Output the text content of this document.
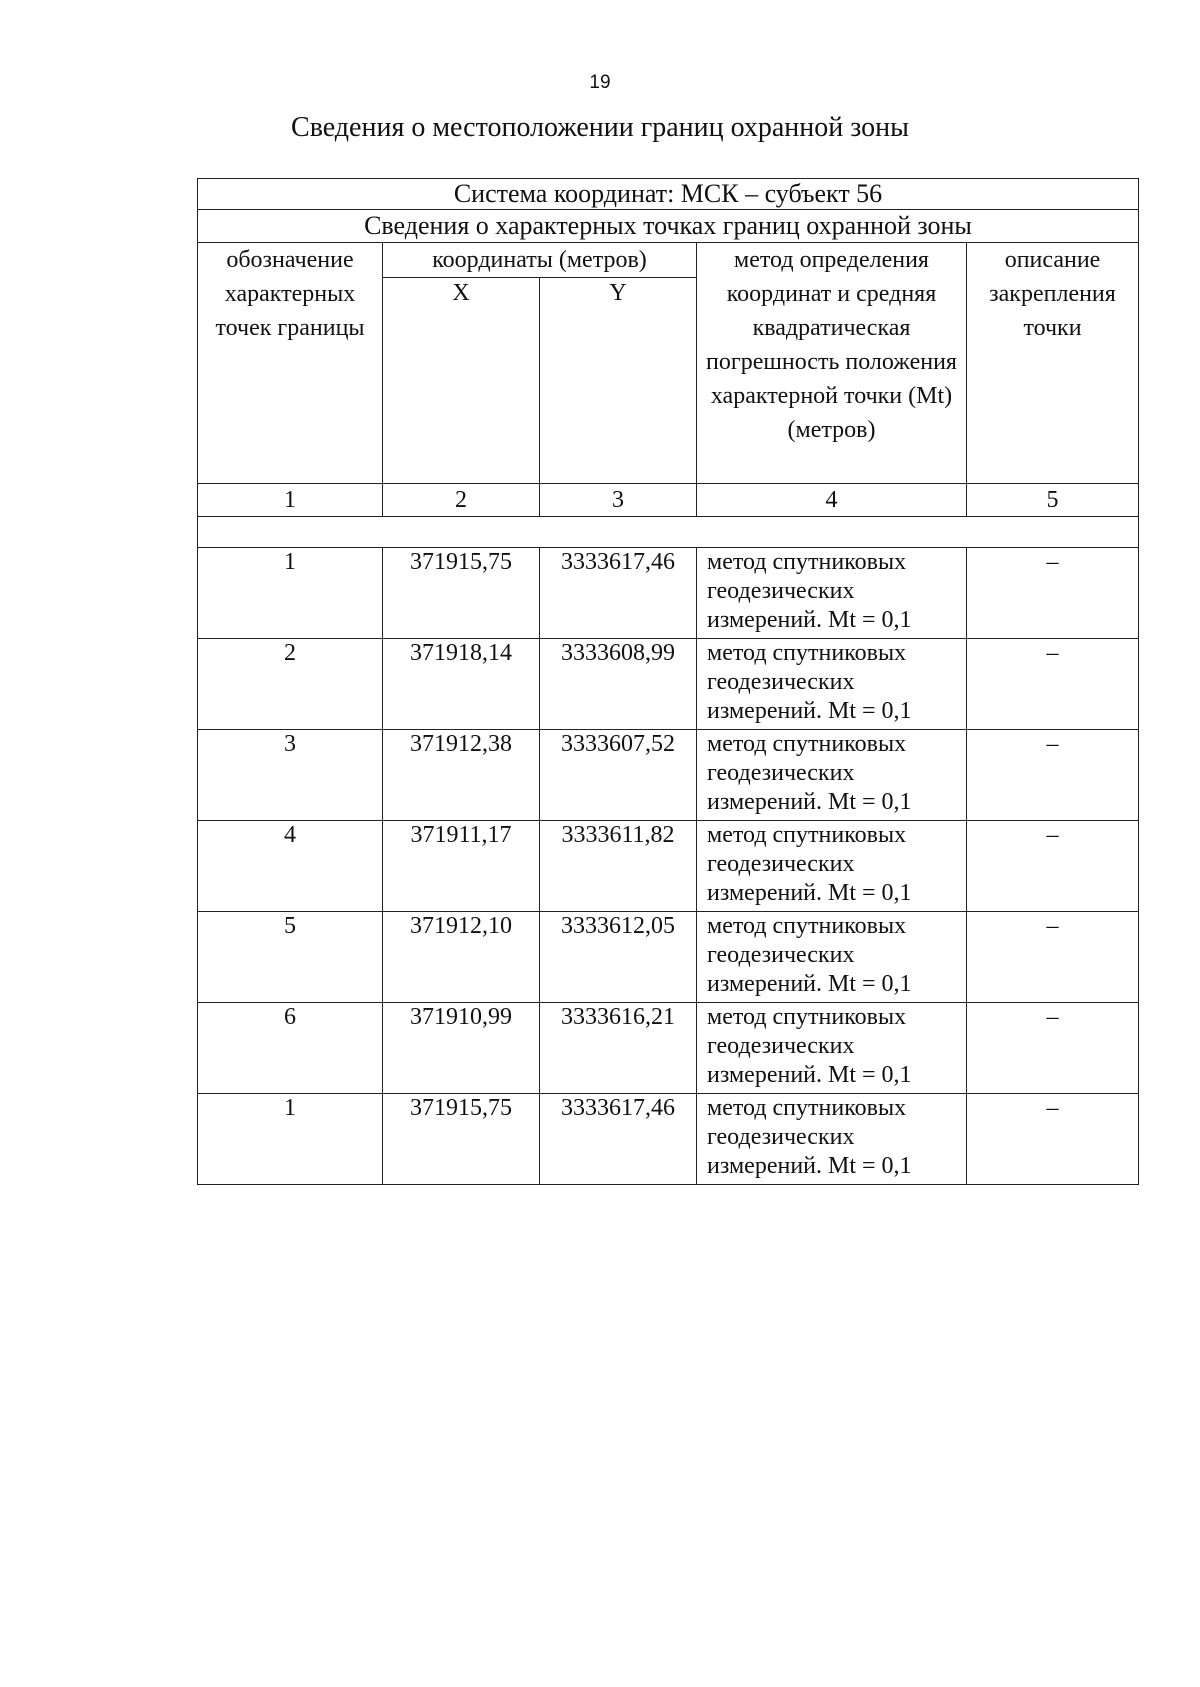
19
Сведения о местоположении границ охранной зоны
Система координат: МСК – субъект 56				
Сведения о характерных точках границ охранной зоны				
обозначение характерных точек границы	координаты (метров)		метод определения координат и средняя квадратическая погрешность положения характерной точки (Mt) (метров)	описание закрепления точки
	X	Y		
1	2	3	4	5

1	371915,75	3333617,46	метод спутниковых геодезических измерений. Mt = 0,1	–
2	371918,14	3333608,99	метод спутниковых геодезических измерений. Mt = 0,1	–
3	371912,38	3333607,52	метод спутниковых геодезических измерений. Mt = 0,1	–
4	371911,17	3333611,82	метод спутниковых геодезических измерений. Mt = 0,1	–
5	371912,10	3333612,05	метод спутниковых геодезических измерений. Mt = 0,1	–
6	371910,99	3333616,21	метод спутниковых геодезических измерений. Mt = 0,1	–
1	371915,75	3333617,46	метод спутниковых геодезических измерений. Mt = 0,1	–
